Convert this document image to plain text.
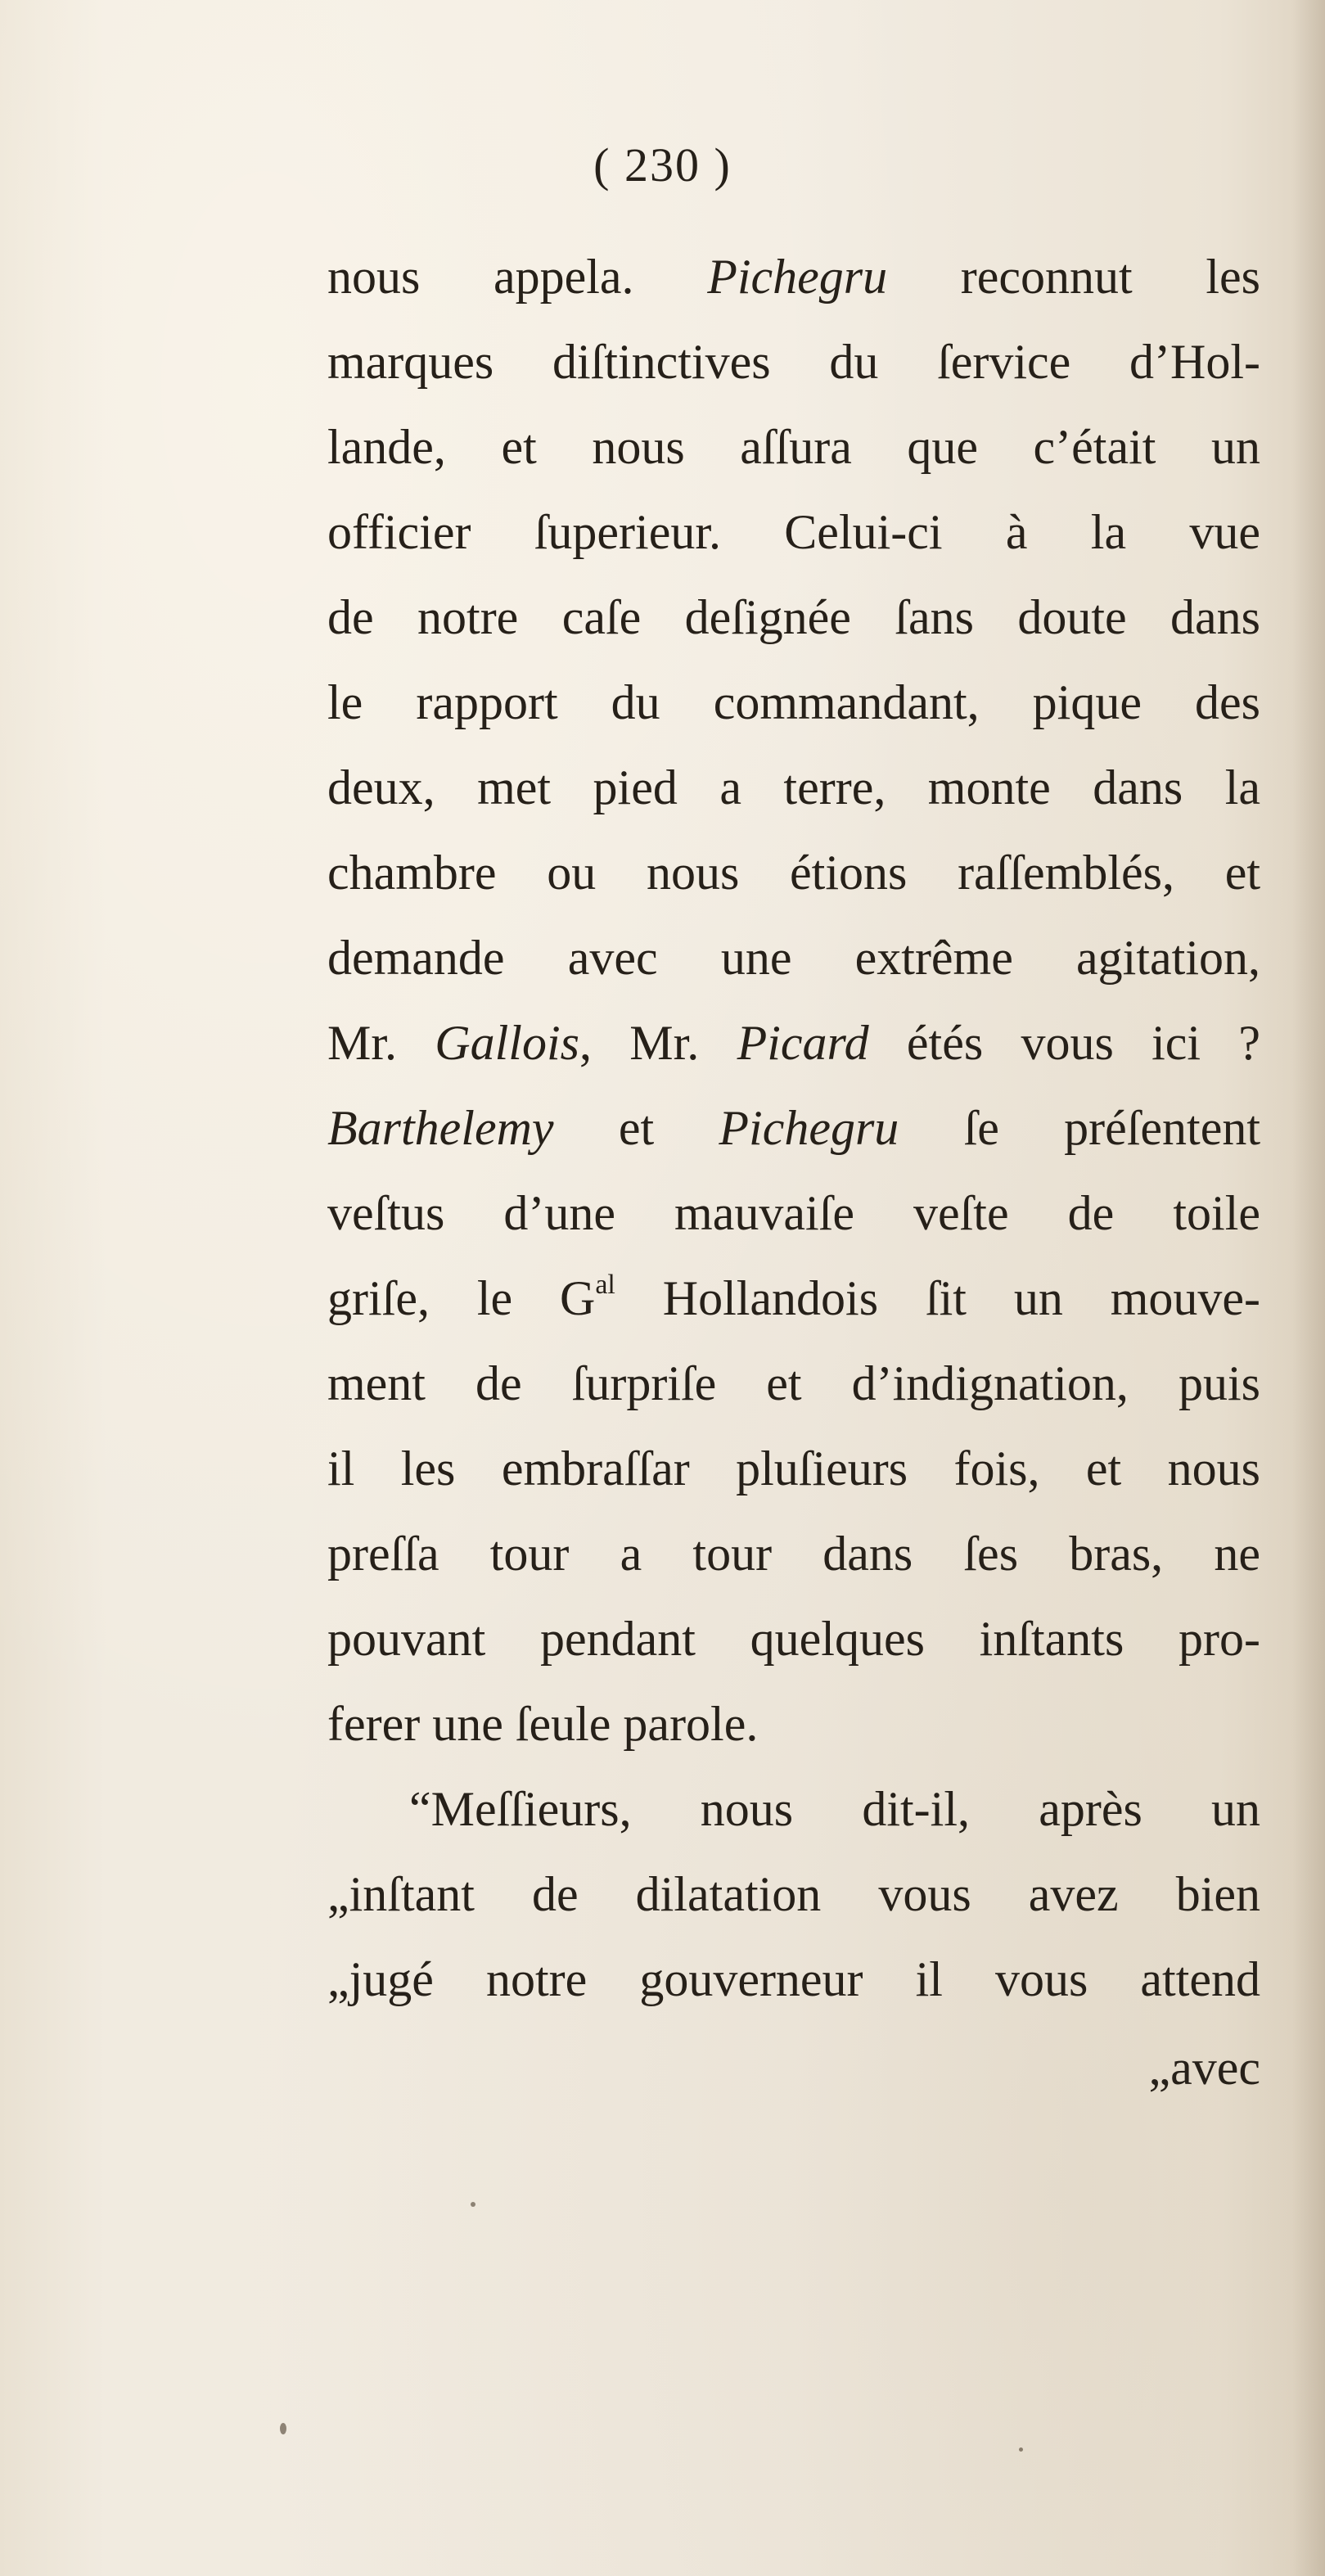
( 230 )
nous appela. Pichegru reconnut les
marques diſtinctives du ſervice d’Hol-
lande, et nous aſſura que c’était un
officier ſuperieur. Celui-ci à la vue
de notre caſe deſignée ſans doute dans
le rapport du commandant, pique des
deux, met pied a terre, monte dans la
chambre ou nous étions raſſemblés, et
demande avec une extrême agitation,
Mr. Gallois, Mr. Picard étés vous ici ?
Barthelemy et Pichegru ſe préſentent
veſtus d’une mauvaiſe veſte de toile
griſe, le $G^{al}$ Hollandois ſit un mouve-
ment de ſurpriſe et d’indignation, puis
il les embraſſar pluſieurs fois, et nous
preſſa tour a tour dans ſes bras, ne
pouvant pendant quelques inſtants pro-
ferer une ſeule parole.
“Meſſieurs, nous dit-il, après un
„inſtant de dilatation vous avez bien
„jugé notre gouverneur il vous attend
„avec
